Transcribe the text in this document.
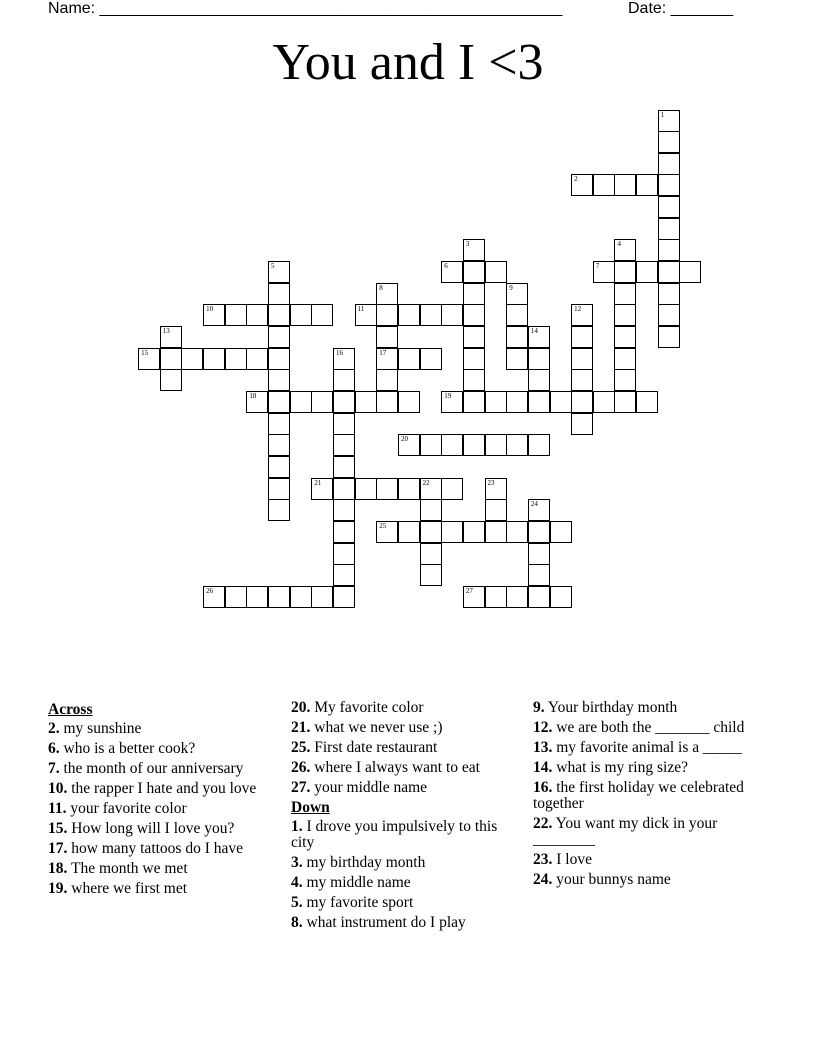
Name: ____________________________________________________	Date: _______
You and I <3
1
2
3	4
5	6	7
8
17
9
10	11	12
13	14
15	16
18	19
20
21	22	23
24
25
26	27
Across
2. my sunshine
6. who is a better cook?
7. the month of our anniversary
10. the rapper I hate and you love
11. your favorite color
15. How long will I love you?
17. how many tattoos do I have
18. The month we met
19. where we first met
20. My favorite color
21. what we never use ;)
25. First date restaurant
26. where I always want to eat
27. your middle name
Down
1. I drove you impulsively to this city
3. my birthday month
4. my middle name
5. my favorite sport
8. what instrument do I play
9. Your birthday month
12. we are both the _______ child
13. my favorite animal is a _____
14. what is my ring size?
16. the first holiday we celebrated together
22. You want my dick in your ________
23. I love
24. your bunnys name
